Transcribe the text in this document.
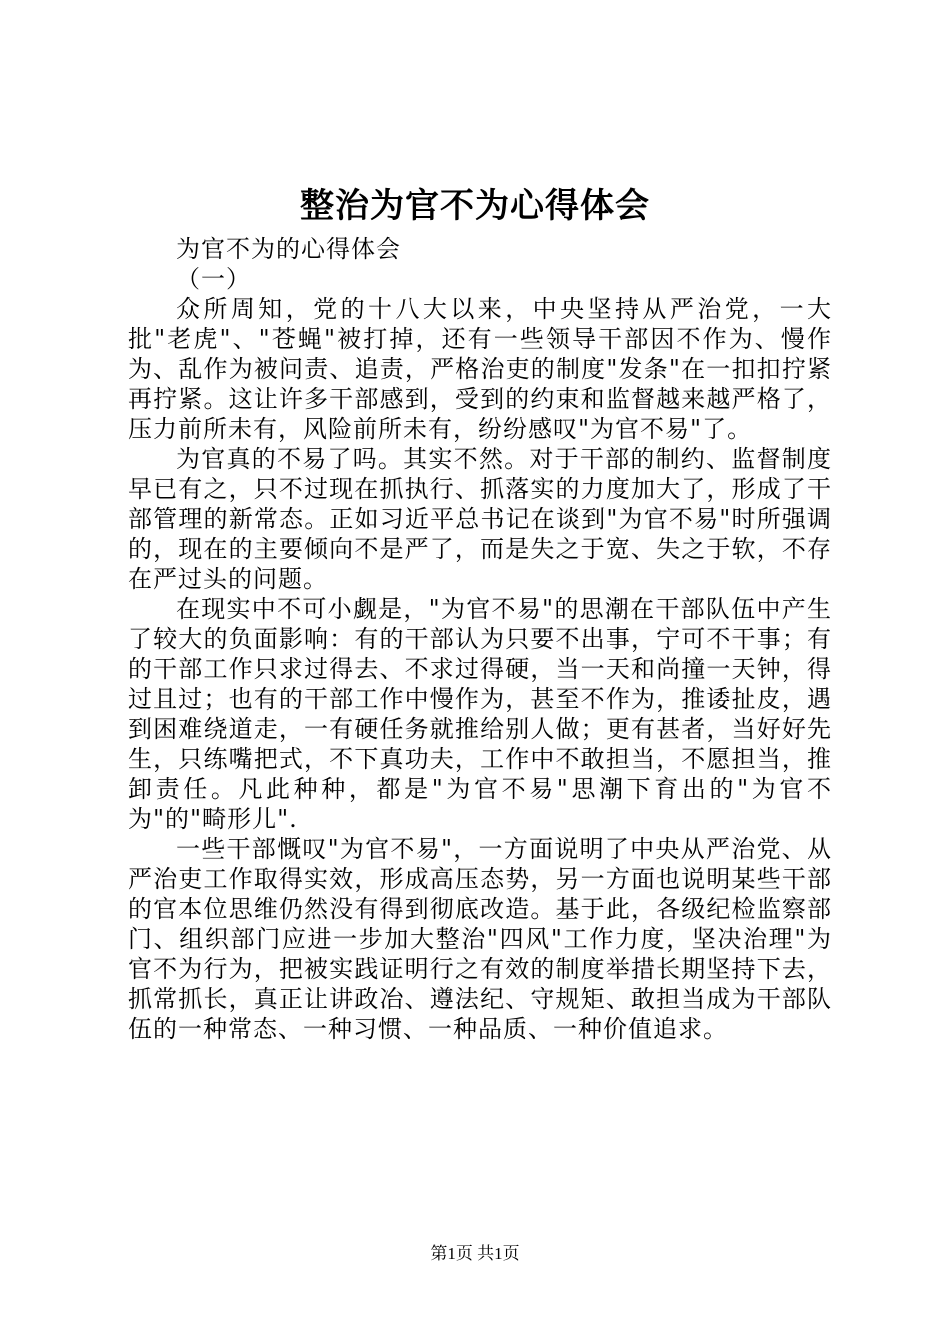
整治为官不为心得体会

为官不为的心得体会

（一）

众所周知，党的十八大以来，中央坚持从严治党，一大批"老虎"、"苍蝇"被打掉，还有一些领导干部因不作为、慢作为、乱作为被问责、追责，严格治吏的制度"发条"在一扣扣拧紧再拧紧。这让许多干部感到，受到的约束和监督越来越严格了，压力前所未有，风险前所未有，纷纷感叹"为官不易"了。

为官真的不易了吗。其实不然。对于干部的制约、监督制度早已有之，只不过现在抓执行、抓落实的力度加大了，形成了干部管理的新常态。正如习近平总书记在谈到"为官不易"时所强调的，现在的主要倾向不是严了，而是失之于宽、失之于软，不存在严过头的问题。

在现实中不可小觑是，"为官不易"的思潮在干部队伍中产生了较大的负面影响：有的干部认为只要不出事，宁可不干事；有的干部工作只求过得去、不求过得硬，当一天和尚撞一天钟，得过且过；也有的干部工作中慢作为，甚至不作为，推诿扯皮，遇到困难绕道走，一有硬任务就推给别人做；更有甚者，当好好先生，只练嘴把式，不下真功夫，工作中不敢担当，不愿担当，推卸责任。凡此种种，都是"为官不易"思潮下育出的"为官不为"的"畸形儿".

一些干部慨叹"为官不易"，一方面说明了中央从严治党、从严治吏工作取得实效，形成高压态势，另一方面也说明某些干部的官本位思维仍然没有得到彻底改造。基于此，各级纪检监察部门、组织部门应进一步加大整治"四风"工作力度，坚决治理"为官不为行为，把被实践证明行之有效的制度举措长期坚持下去，抓常抓长，真正让讲政冶、遵法纪、守规矩、敢担当成为干部队伍的一种常态、一种习惯、一种品质、一种价值追求。

第1页 共1页
